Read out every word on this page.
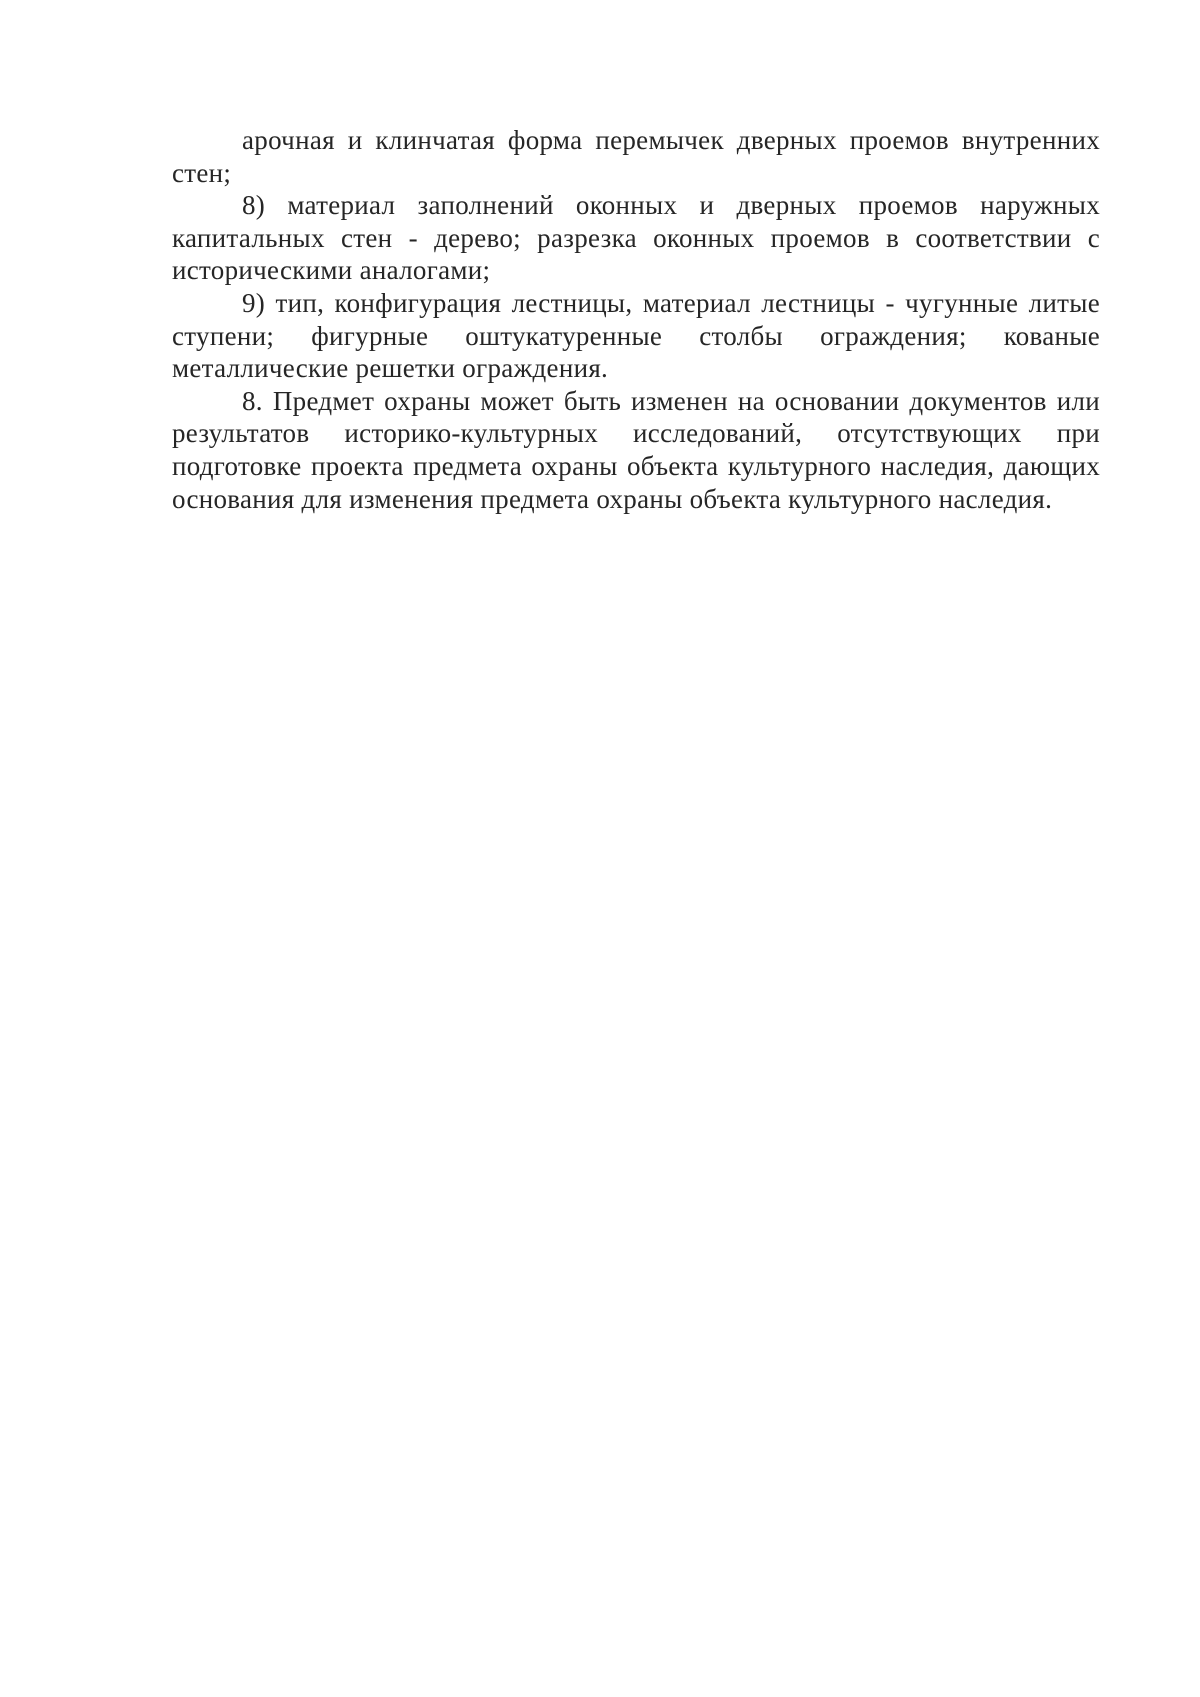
арочная и клинчатая форма перемычек дверных проемов внутренних стен;

8) материал заполнений оконных и дверных проемов наружных капитальных стен - дерево; разрезка оконных проемов в соответствии с историческими аналогами;

9) тип, конфигурация лестницы, материал лестницы - чугунные литые ступени; фигурные оштукатуренные столбы ограждения; кованые металлические решетки ограждения.

8. Предмет охраны может быть изменен на основании документов или результатов историко-культурных исследований, отсутствующих при подготовке проекта предмета охраны объекта культурного наследия, дающих основания для изменения предмета охраны объекта культурного наследия.
